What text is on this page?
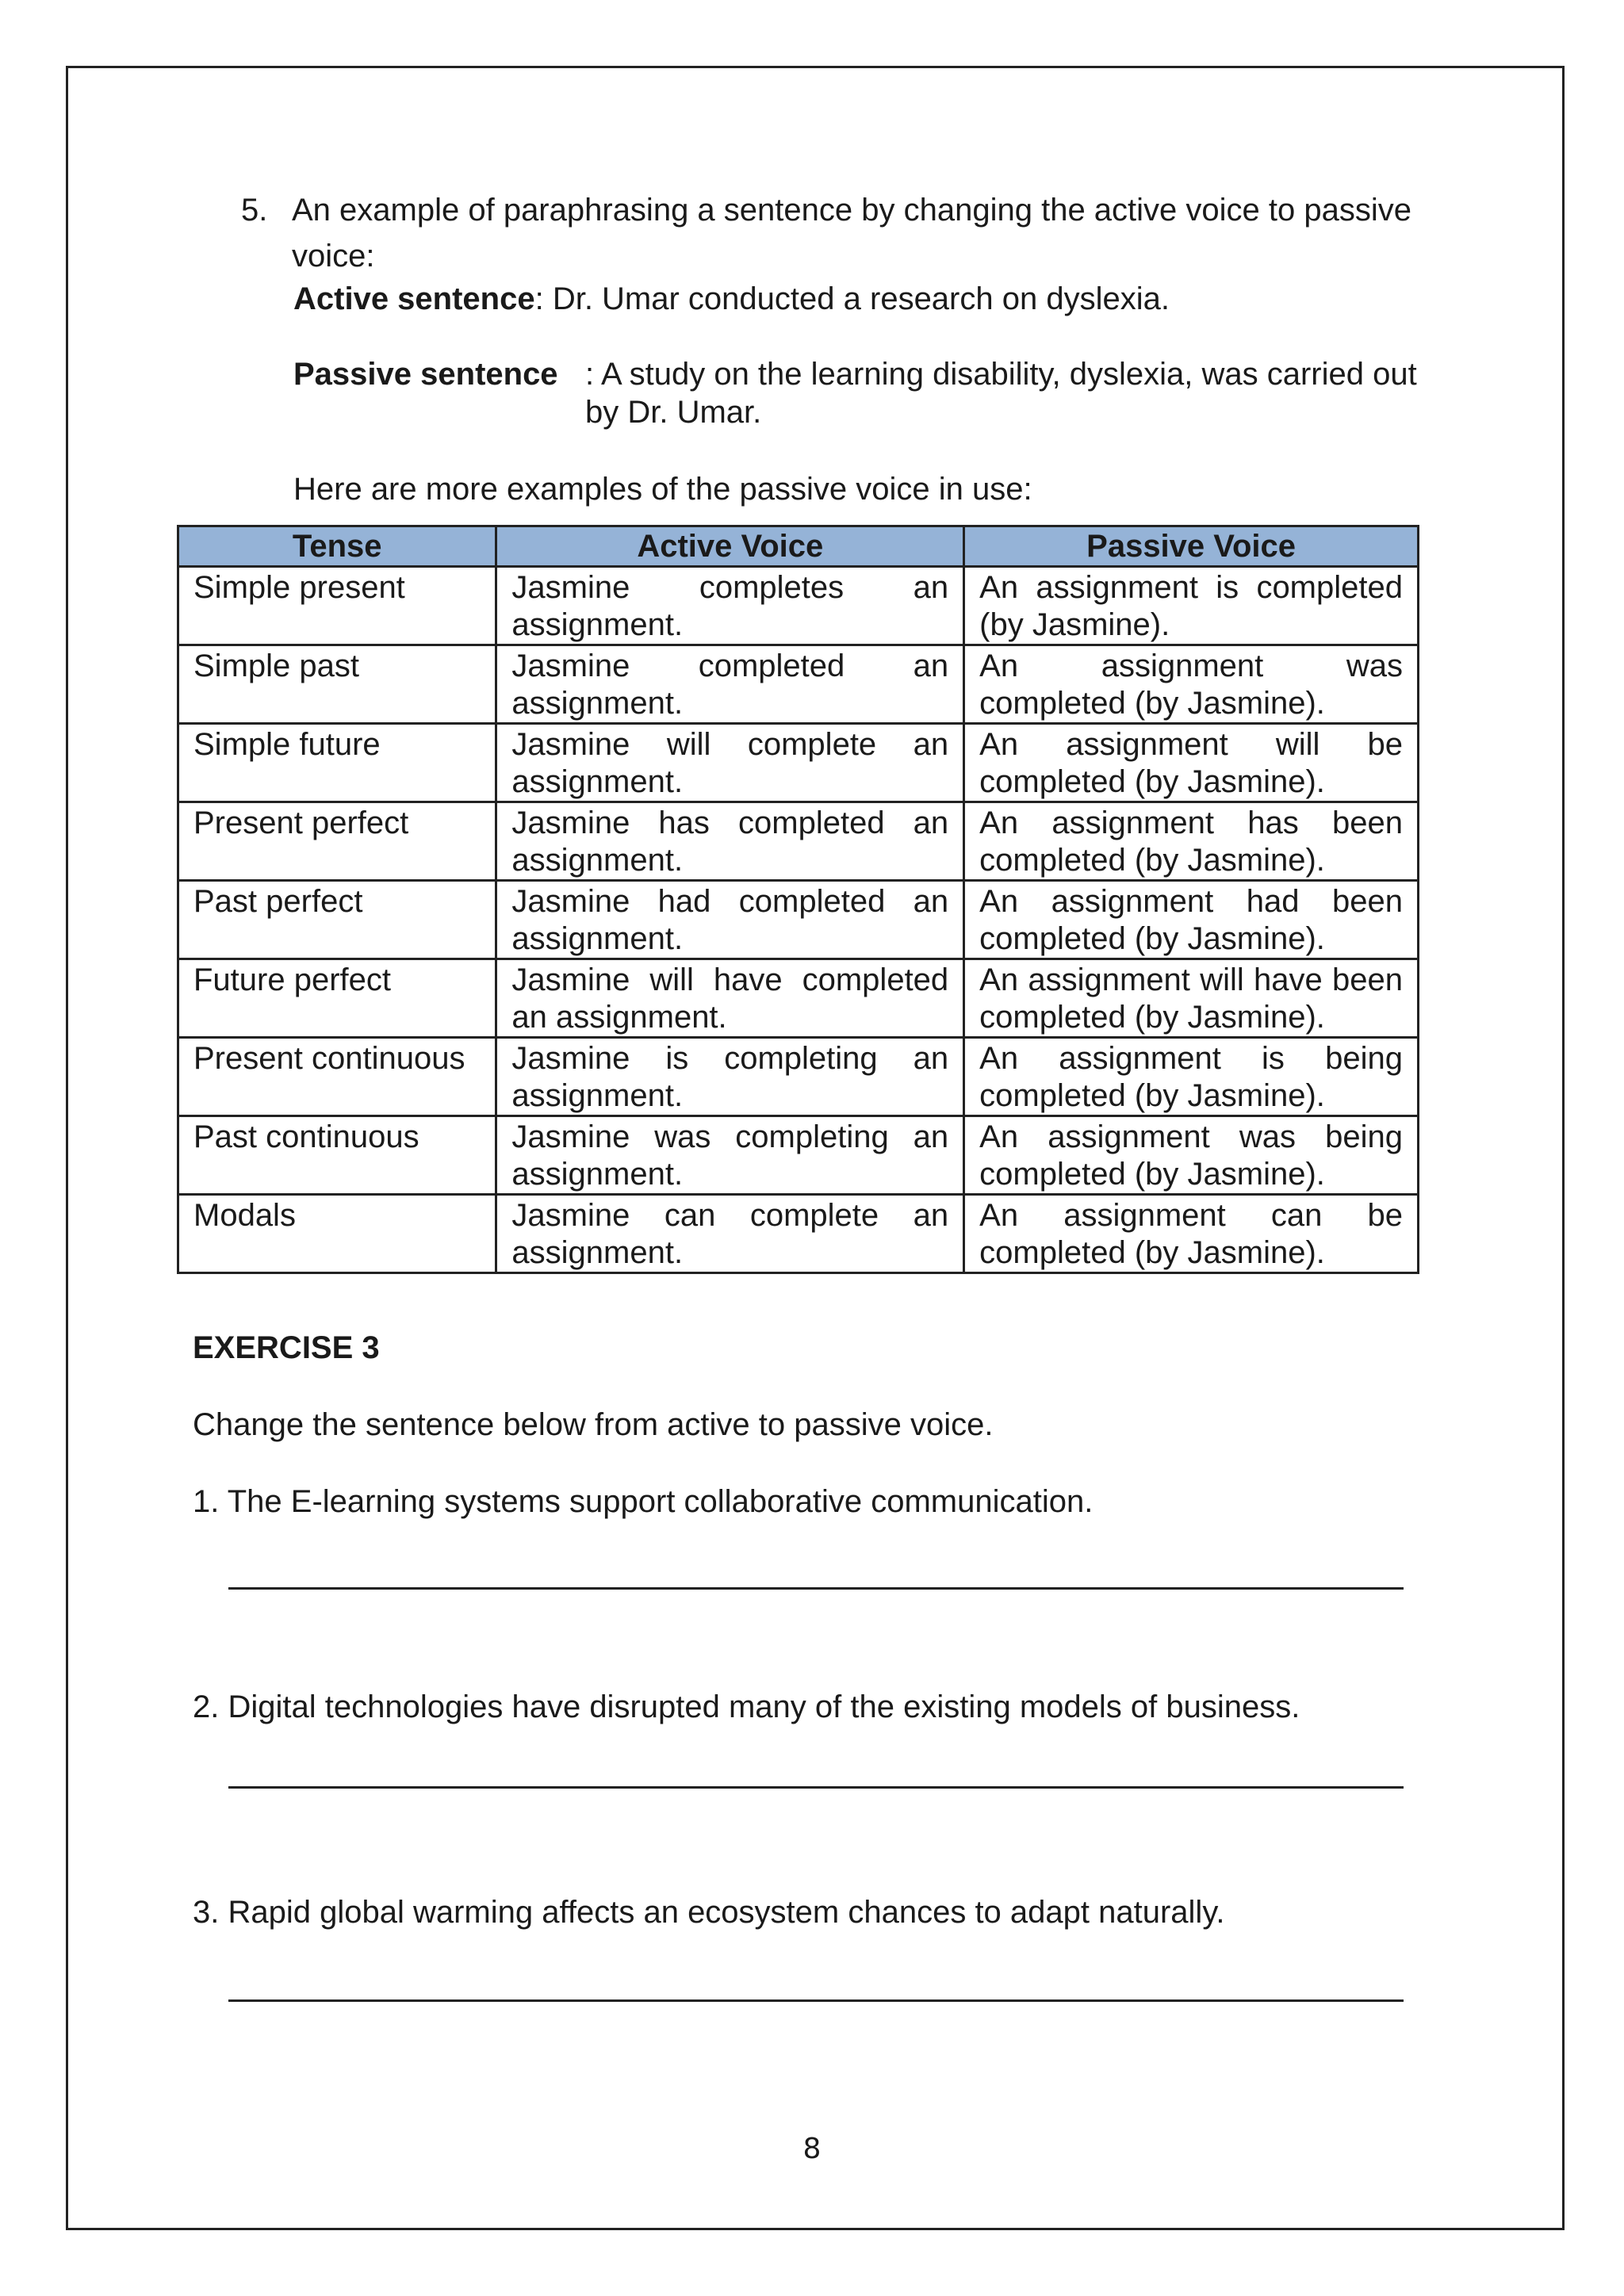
5. An example of paraphrasing a sentence by changing the active voice to passive voice:
Active sentence: Dr. Umar conducted a research on dyslexia.
Passive sentence : A study on the learning disability, dyslexia, was carried out by Dr. Umar.
Here are more examples of the passive voice in use:
Tense	Active Voice	Passive Voice
Simple present	Jasmine completes an assignment.	An assignment is completed (by Jasmine).
Simple past	Jasmine completed an assignment.	An assignment was completed (by Jasmine).
Simple future	Jasmine will complete an assignment.	An assignment will be completed (by Jasmine).
Present perfect	Jasmine has completed an assignment.	An assignment has been completed (by Jasmine).
Past perfect	Jasmine had completed an assignment.	An assignment had been completed (by Jasmine).
Future perfect	Jasmine will have completed an assignment.	An assignment will have been completed (by Jasmine).
Present continuous	Jasmine is completing an assignment.	An assignment is being completed (by Jasmine).
Past continuous	Jasmine was completing an assignment.	An assignment was being completed (by Jasmine).
Modals	Jasmine can complete an assignment.	An assignment can be completed (by Jasmine).
EXERCISE 3
Change the sentence below from active to passive voice.
1. The E-learning systems support collaborative communication.
2. Digital technologies have disrupted many of the existing models of business.
3. Rapid global warming affects an ecosystem chances to adapt naturally.
8
